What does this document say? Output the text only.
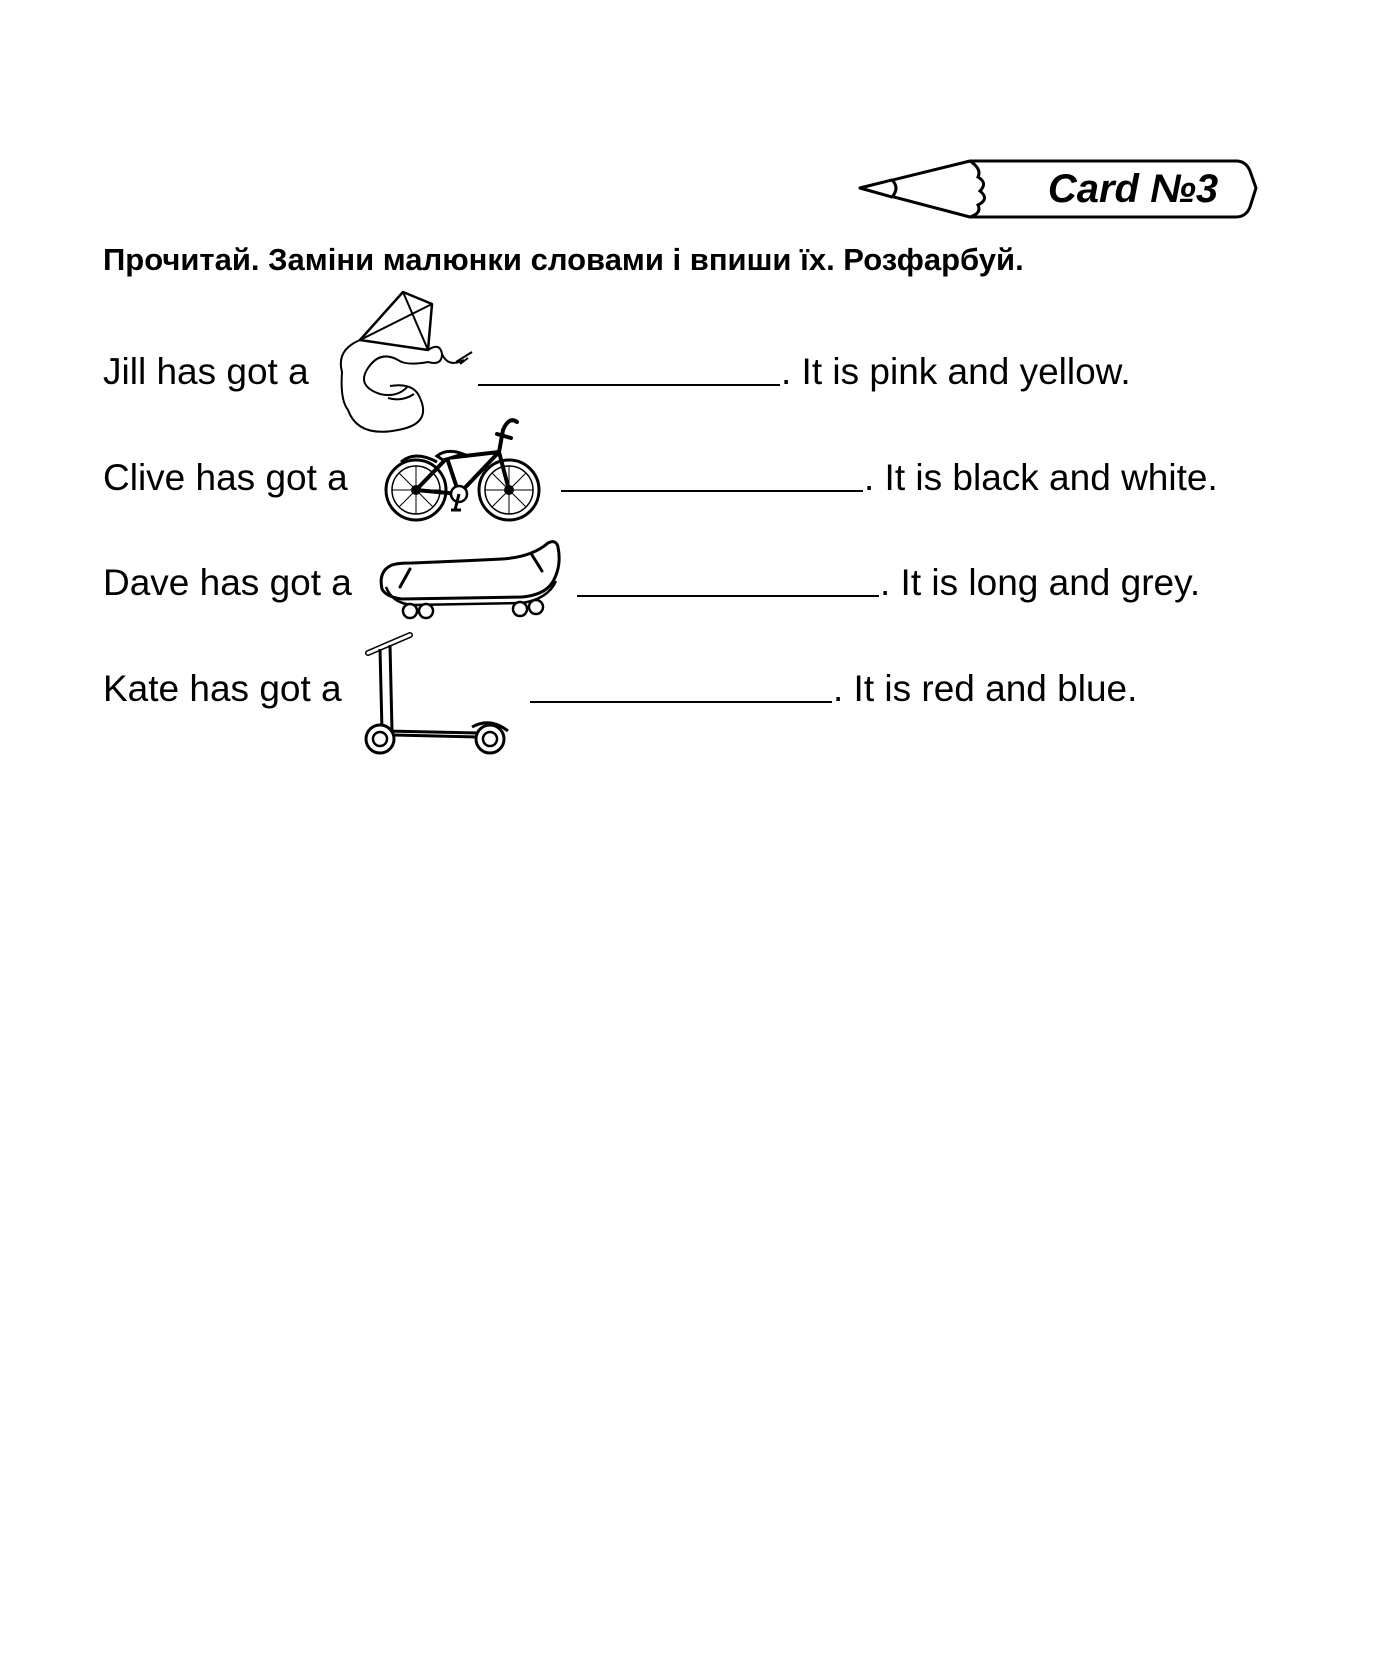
Card №3
Прочитай. Заміни малюнки словами і впиши їх. Розфарбуй.
Jill has got a	. It is pink and yellow.
Clive has got a	. It is black and white.
Dave has got a	. It is long and grey.
Kate has got a	. It is red and blue.
